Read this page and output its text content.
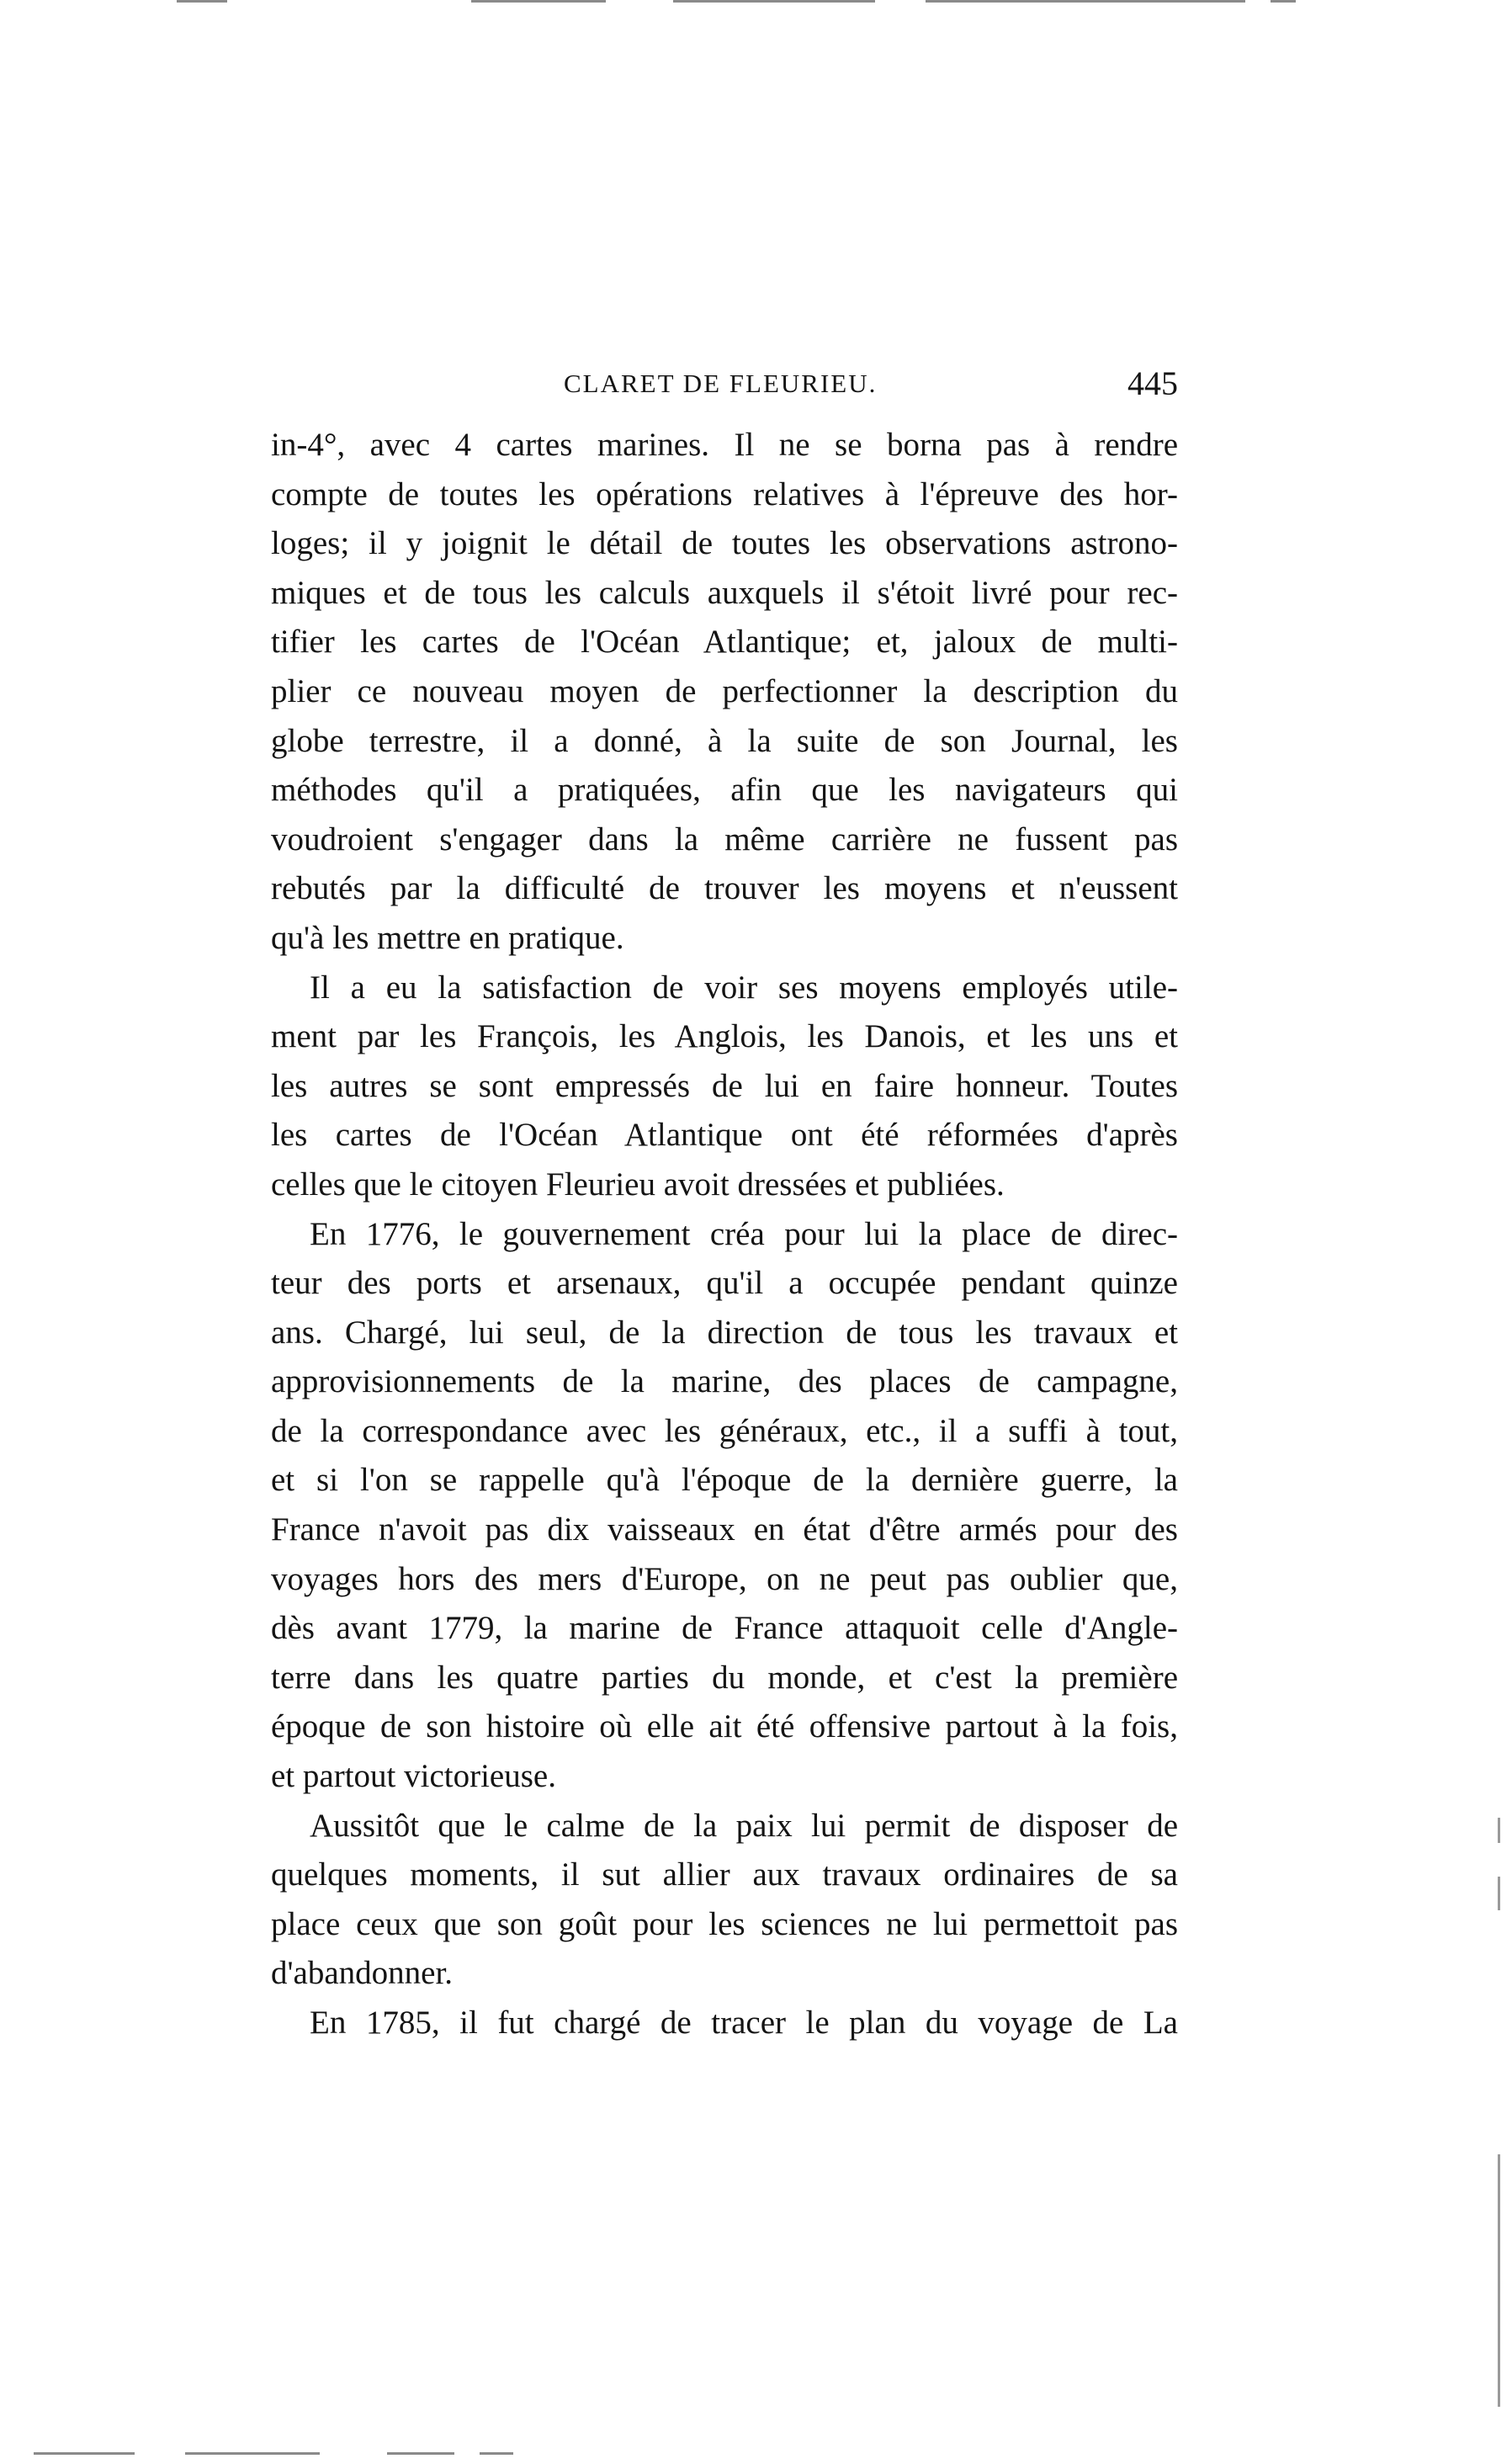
CLARET DE FLEURIEU.	445
in-4°, avec 4 cartes marines. Il ne se borna pas à rendre
compte de toutes les opérations relatives à l'épreuve des hor-
loges; il y joignit le détail de toutes les observations astrono-
miques et de tous les calculs auxquels il s'étoit livré pour rec-
tifier les cartes de l'Océan Atlantique; et, jaloux de multi-
plier ce nouveau moyen de perfectionner la description du
globe terrestre, il a donné, à la suite de son Journal, les
méthodes qu'il a pratiquées, afin que les navigateurs qui
voudroient s'engager dans la même carrière ne fussent pas
rebutés par la difficulté de trouver les moyens et n'eussent
qu'à les mettre en pratique.
Il a eu la satisfaction de voir ses moyens employés utile-
ment par les François, les Anglois, les Danois, et les uns et
les autres se sont empressés de lui en faire honneur. Toutes
les cartes de l'Océan Atlantique ont été réformées d'après
celles que le citoyen Fleurieu avoit dressées et publiées.
En 1776, le gouvernement créa pour lui la place de direc-
teur des ports et arsenaux, qu'il a occupée pendant quinze
ans. Chargé, lui seul, de la direction de tous les travaux et
approvisionnements de la marine, des places de campagne,
de la correspondance avec les généraux, etc., il a suffi à tout,
et si l'on se rappelle qu'à l'époque de la dernière guerre, la
France n'avoit pas dix vaisseaux en état d'être armés pour des
voyages hors des mers d'Europe, on ne peut pas oublier que,
dès avant 1779, la marine de France attaquoit celle d'Angle-
terre dans les quatre parties du monde, et c'est la première
époque de son histoire où elle ait été offensive partout à la fois,
et partout victorieuse.
Aussitôt que le calme de la paix lui permit de disposer de
quelques moments, il sut allier aux travaux ordinaires de sa
place ceux que son goût pour les sciences ne lui permettoit pas
d'abandonner.
En 1785, il fut chargé de tracer le plan du voyage de La
